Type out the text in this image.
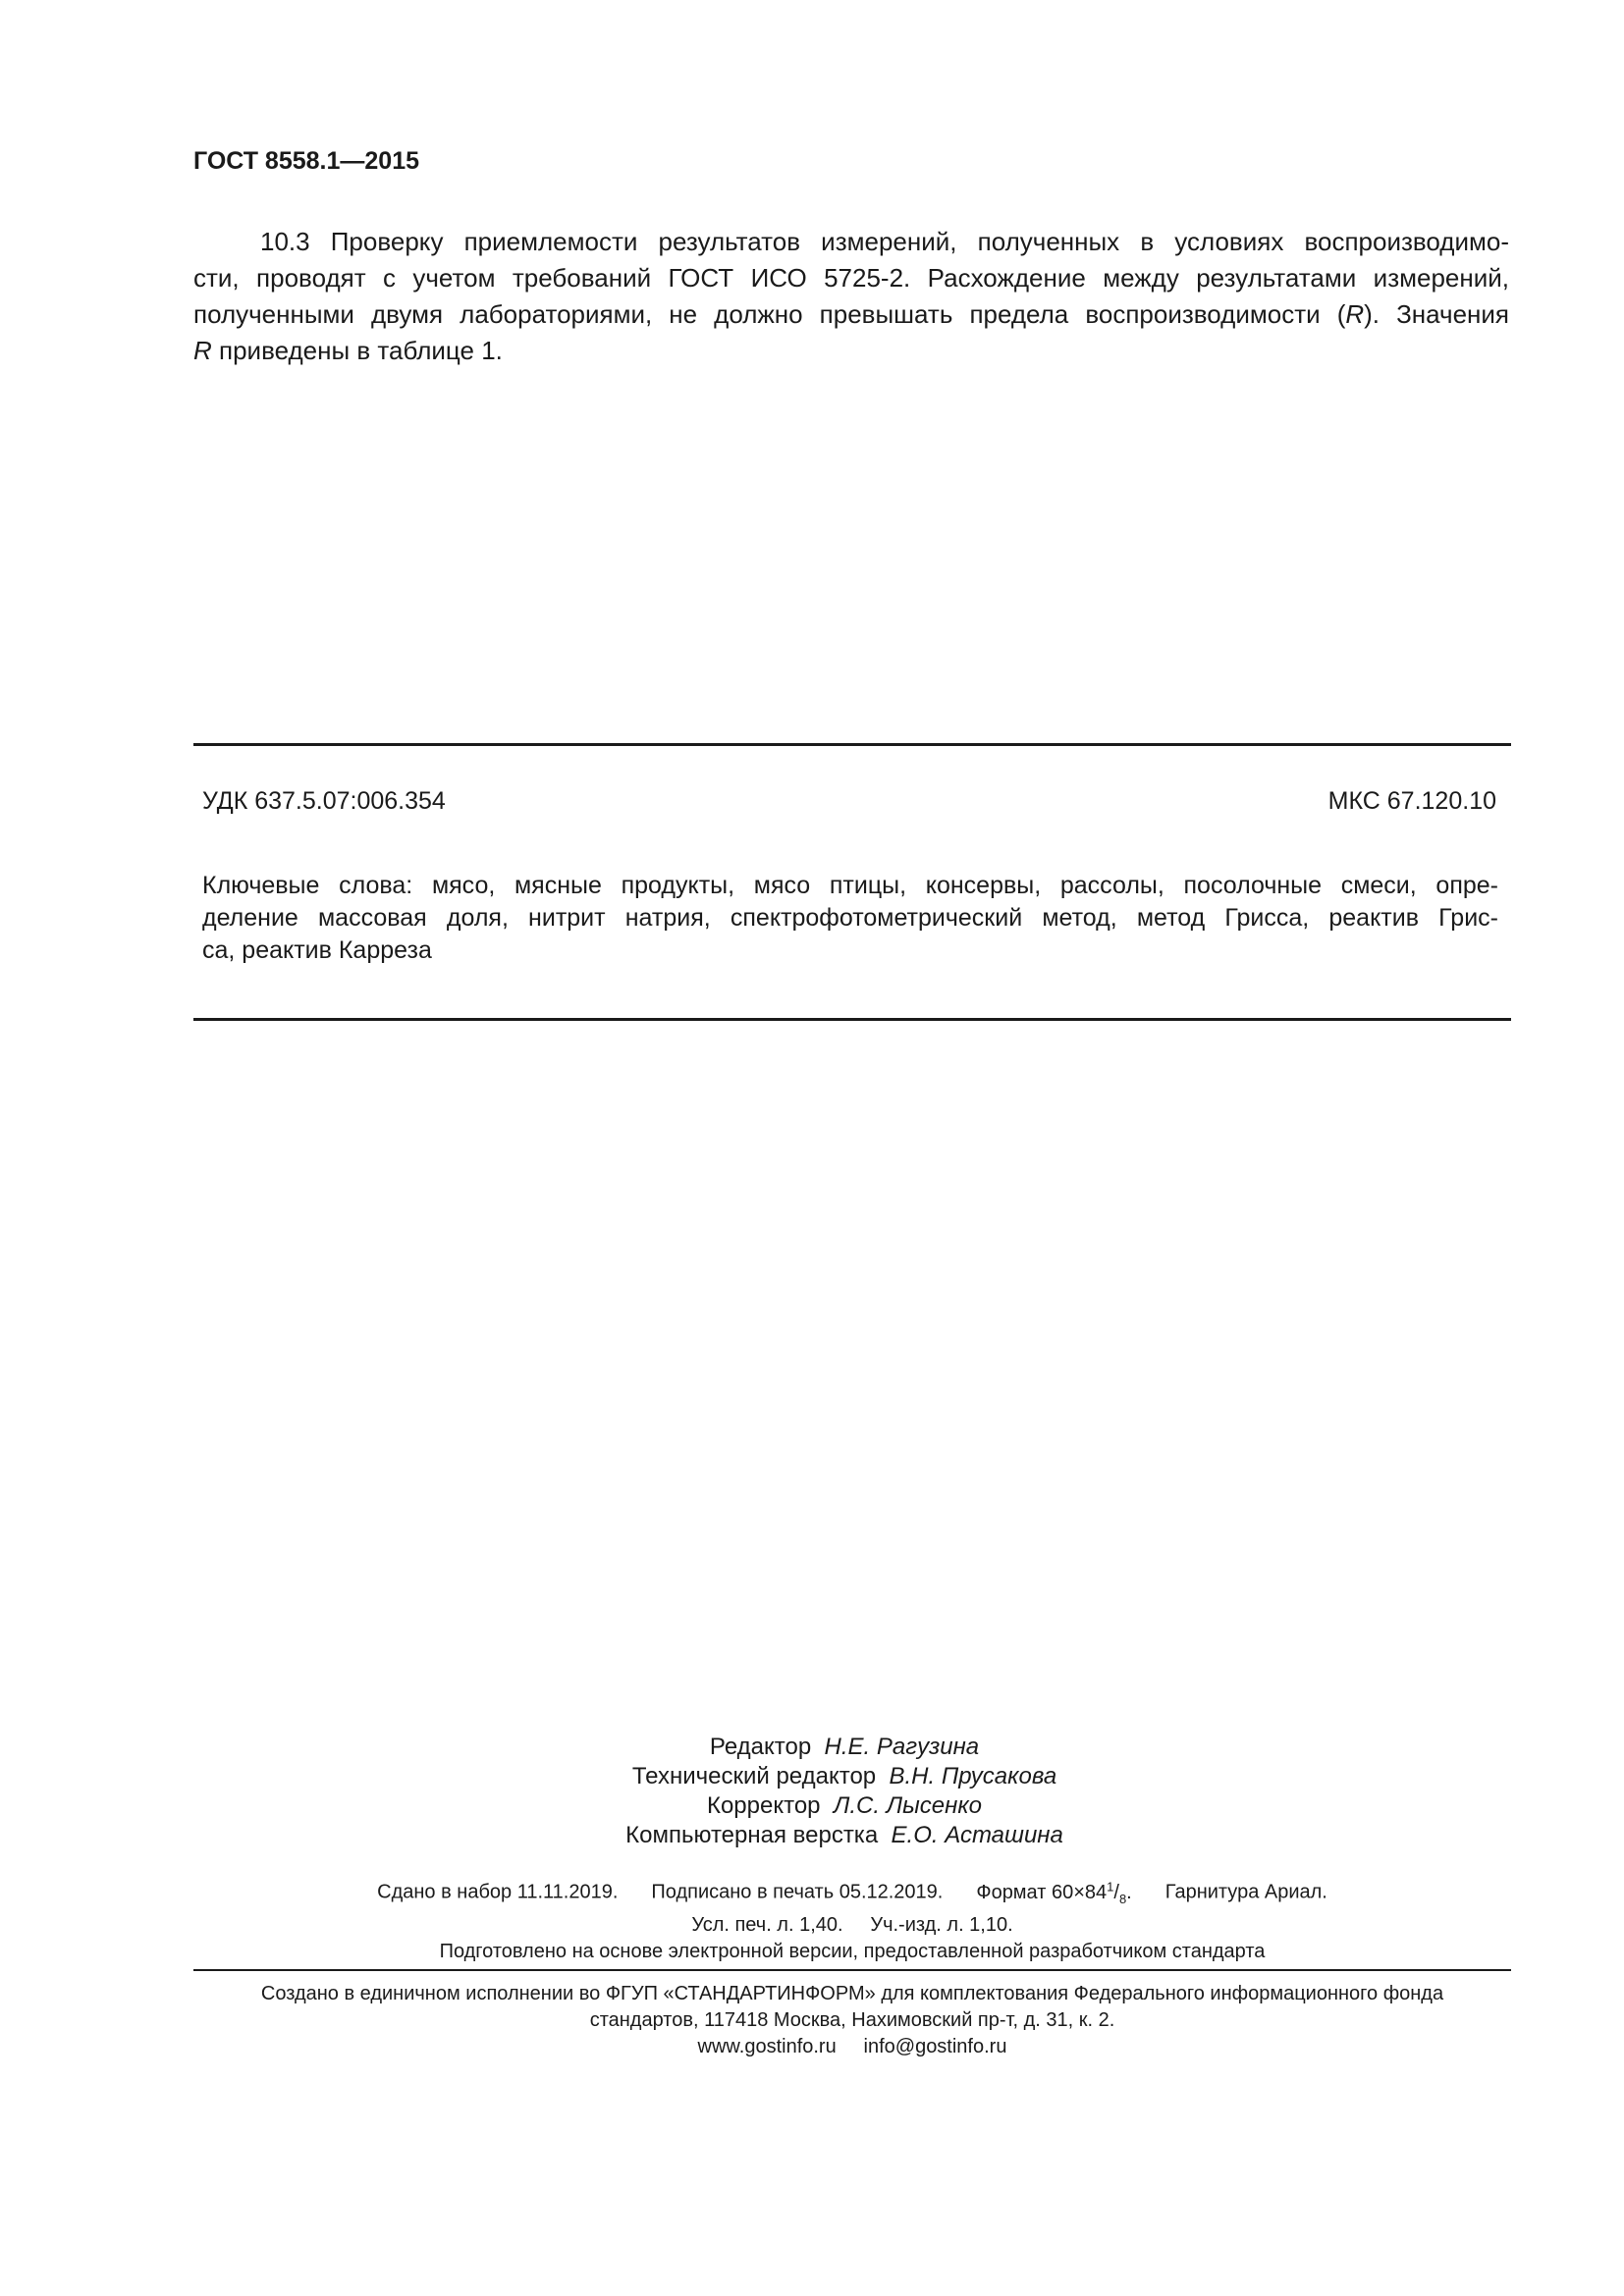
ГОСТ 8558.1—2015
10.3 Проверку приемлемости результатов измерений, полученных в условиях воспроизводимо-
сти, проводят с учетом требований ГОСТ ИСО 5725-2. Расхождение между результатами измерений,
полученными двумя лабораториями, не должно превышать предела воспроизводимости (R). Значения
R приведены в таблице 1.
УДК 637.5.07:006.354	МКС 67.120.10
Ключевые слова: мясо, мясные продукты, мясо птицы, консервы, рассолы, посолочные смеси, опре-
деление массовая доля, нитрит натрия, спектрофотометрический метод, метод Грисса, реактив Грис-
са, реактив Карреза
Редактор Н.Е. Рагузина
Технический редактор В.Н. Прусакова
Корректор Л.С. Лысенко
Компьютерная верстка Е.О. Асташина
Сдано в набор 11.11.2019. Подписано в печать 05.12.2019. Формат $60\times 84^1/_8$. Гарнитура Ариал.
Усл. печ. л. 1,40. Уч.-изд. л. 1,10.
Подготовлено на основе электронной версии, предоставленной разработчиком стандарта
Создано в единичном исполнении во ФГУП «СТАНДАРТИНФОРМ» для комплектования Федерального информационного фонда
стандартов, 117418 Москва, Нахимовский пр-т, д. 31, к. 2.
www.gostinfo.ru info@gostinfo.ru
